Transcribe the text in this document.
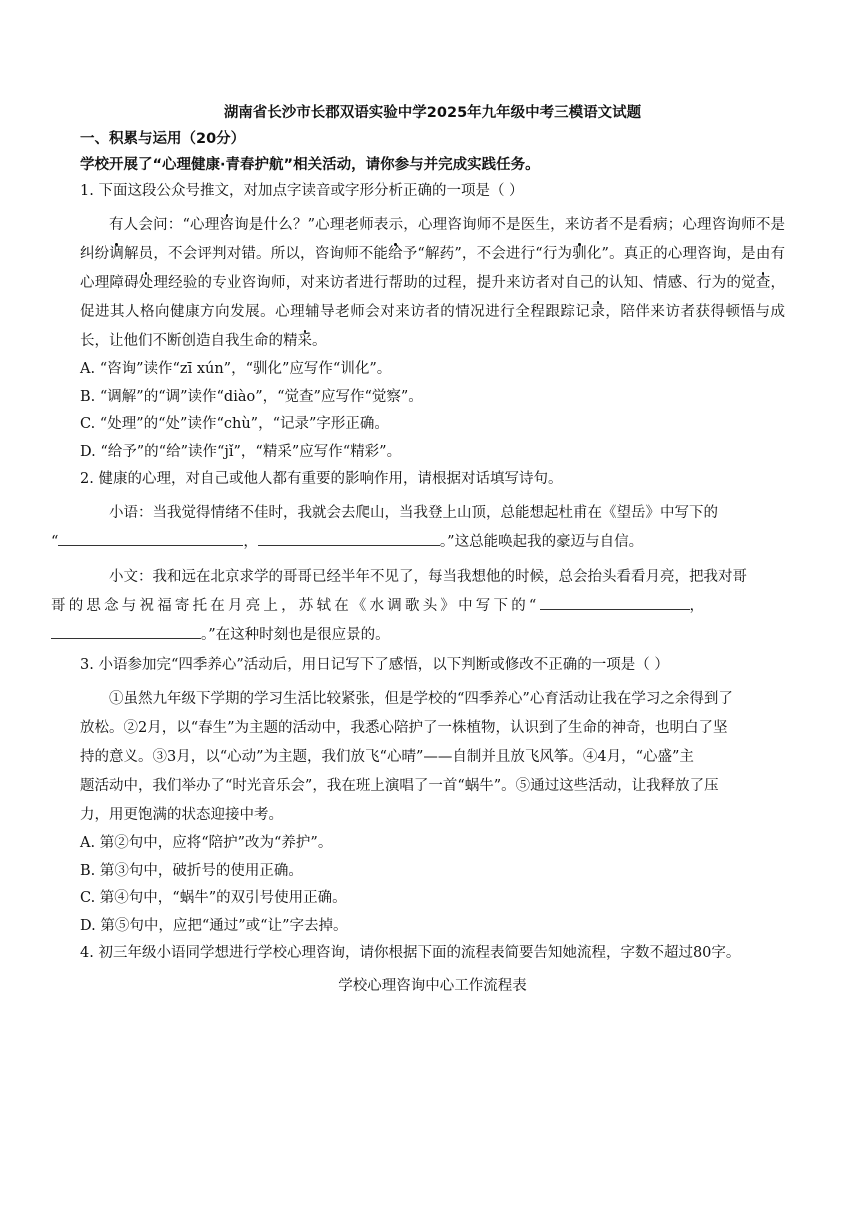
湖南省长沙市长郡双语实验中学2025年九年级中考三模语文试题

一、积累与运用（20分）

学校开展了“心理健康·青春护航”相关活动，请你参与并完成实践任务。

1. 下面这段公众号推文，对加点字读音或字形分析正确的一项是（ ）

有人会问：“心理咨询是什么？”心理老师表示，心理咨询师不是医生，来访者不是看病；心理咨询师不是纠纷调解员，不会评判对错。所以，咨询师不能给予“解药”，不会进行“行为驯化”。真正的心理咨询，是由有心理障碍处理经验的专业咨询师，对来访者进行帮助的过程，提升来访者对自己的认知、情感、行为的觉查，促进其人格向健康方向发展。心理辅导老师会对来访者的情况进行全程跟踪记录，陪伴来访者获得顿悟与成长，让他们不断创造自我生命的精采。

A. “咨询”读作“zī xún”，“驯化”应写作“训化”。

B. “调解”的“调”读作“diào”，“觉查”应写作“觉察”。

C. “处理”的“处”读作“chù”，“记录”字形正确。

D. “给予”的“给”读作“jǐ”，“精采”应写作“精彩”。

2. 健康的心理，对自己或他人都有重要的影响作用，请根据对话填写诗句。

小语：当我觉得情绪不佳时，我就会去爬山，当我登上山顶，总能想起杜甫在《望岳》中写下的
“	，	。”这总能唤起我的豪迈与自信。

小文：我和远在北京求学的哥哥已经半年不见了，每当我想他的时候，总会抬头看看月亮，把我对哥
哥的思念与祝福寄托在月亮上，苏轼在《水调歌头》中写下的“	，
。”在这种时刻也是很应景的。

3. 小语参加完“四季养心”活动后，用日记写下了感悟，以下判断或修改不正确的一项是（ ）

①虽然九年级下学期的学习生活比较紧张，但是学校的“四季养心”心育活动让我在学习之余得到了

放松。②2月，以“春生”为主题的活动中，我悉心陪护了一株植物，认识到了生命的神奇，也明白了坚

持的意义。③3月，以“心动”为主题，我们放飞“心晴”——自制并且放飞风筝。④4月，“心盛”主

题活动中，我们举办了“时光音乐会”，我在班上演唱了一首“蜗牛”。⑤通过这些活动，让我释放了压

力，用更饱满的状态迎接中考。

A. 第②句中，应将“陪护”改为“养护”。

B. 第③句中，破折号的使用正确。

C. 第④句中，“蜗牛”的双引号使用正确。

D. 第⑤句中，应把“通过”或“让”字去掉。

4. 初三年级小语同学想进行学校心理咨询，请你根据下面的流程表简要告知她流程，字数不超过80字。

学校心理咨询中心工作流程表
